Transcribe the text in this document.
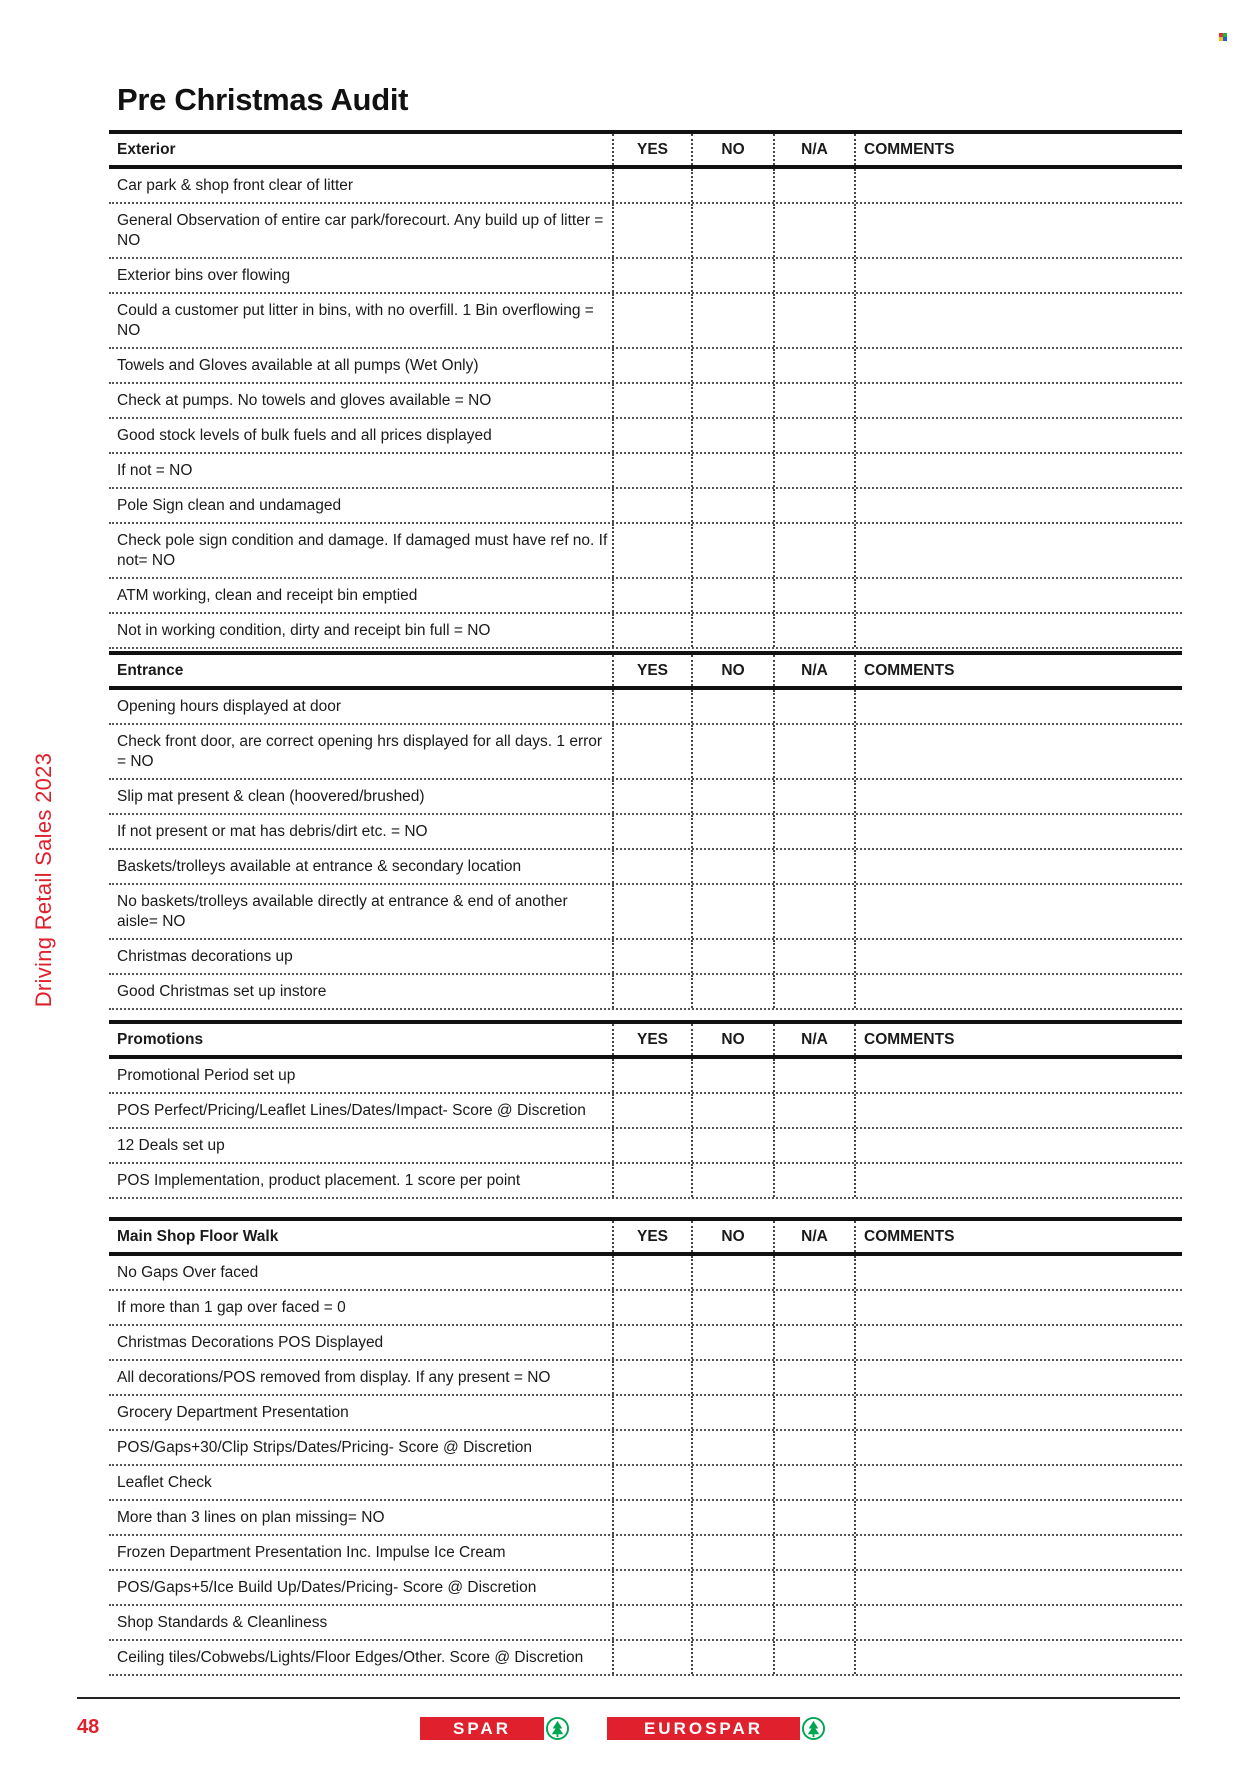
Pre Christmas Audit
Driving Retail Sales 2023
Exterior	YES	NO	N/A	COMMENTS
Car park & shop front clear of litter
General Observation of entire car park/forecourt. Any build up of litter = NO
Exterior bins over flowing
Could a customer put litter in bins, with no overfill. 1 Bin overflowing = NO
Towels and Gloves available at all pumps (Wet Only)
Check at pumps. No towels and gloves available = NO
Good stock levels of bulk fuels and all prices displayed
If not = NO
Pole Sign clean and undamaged
Check pole sign condition and damage. If damaged must have ref no. If not= NO
ATM working, clean and receipt bin emptied
Not in working condition, dirty and receipt bin full = NO
Entrance	YES	NO	N/A	COMMENTS
Opening hours displayed at door
Check front door, are correct opening hrs displayed for all days. 1 error = NO
Slip mat present & clean (hoovered/brushed)
If not present or mat has debris/dirt etc. = NO
Baskets/trolleys available at entrance & secondary location
No baskets/trolleys available directly at entrance & end of another aisle= NO
Christmas decorations up
Good Christmas set up instore
Promotions	YES	NO	N/A	COMMENTS
Promotional Period set up
POS Perfect/Pricing/Leaflet Lines/Dates/Impact- Score @ Discretion
12 Deals set up
POS Implementation, product placement. 1 score per point
Main Shop Floor Walk	YES	NO	N/A	COMMENTS
No Gaps Over faced
If more than 1 gap over faced = 0
Christmas Decorations POS Displayed
All decorations/POS removed from display. If any present = NO
Grocery Department Presentation
POS/Gaps+30/Clip Strips/Dates/Pricing- Score @ Discretion
Leaflet Check
More than 3 lines on plan missing= NO
Frozen Department Presentation Inc. Impulse Ice Cream
POS/Gaps+5/Ice Build Up/Dates/Pricing- Score @ Discretion
Shop Standards & Cleanliness
Ceiling tiles/Cobwebs/Lights/Floor Edges/Other. Score @ Discretion
48	SPAR	EUROSPAR
